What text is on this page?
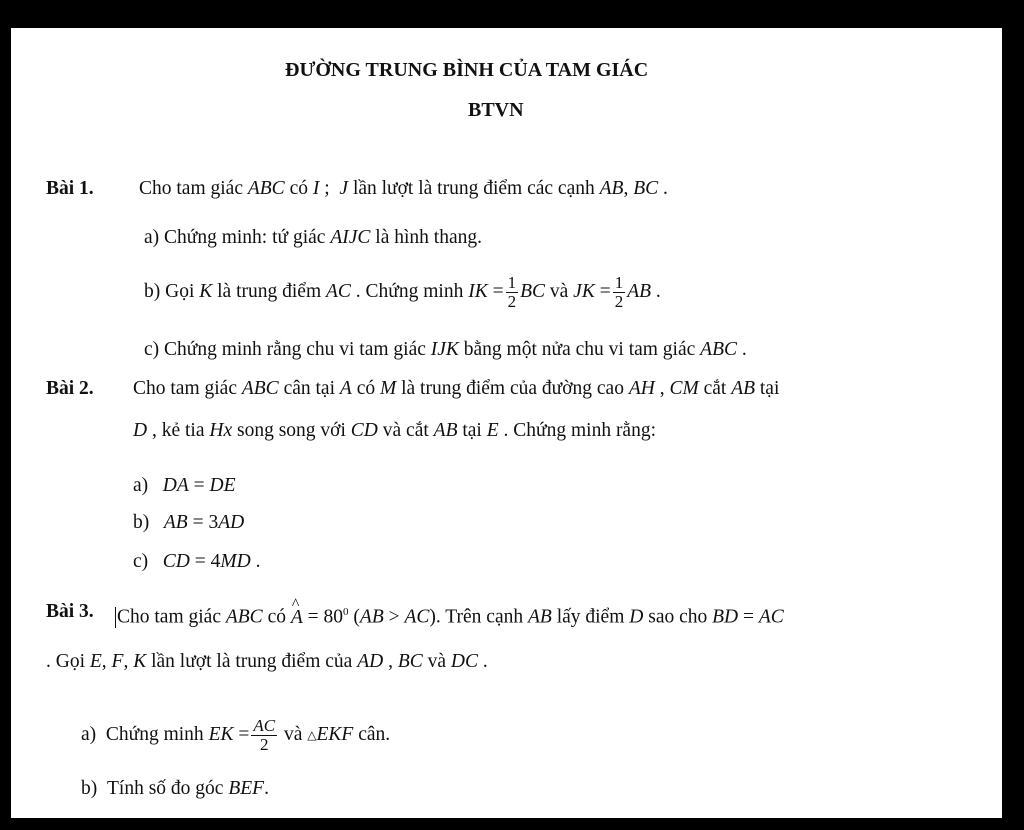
ĐƯỜNG TRUNG BÌNH CỦA TAM GIÁC
BTVN
Bài 1. Cho tam giác ABC có I ;  J lần lượt là trung điểm các cạnh AB, BC .
a) Chứng minh: tứ giác AIJC là hình thang.
b) Gọi K là trung điểm AC . Chứng minh IK = $\frac{1}{2}$ BC và JK = $\frac{1}{2}$ AB .
c) Chứng minh rằng chu vi tam giác IJK bằng một nửa chu vi tam giác ABC .
Bài 2. Cho tam giác ABC cân tại A có M là trung điểm của đường cao AH , CM cắt AB tại
D , kẻ tia Hx song song với CD và cắt AB tại E . Chứng minh rằng:
a)   DA = DE
b)   AB = 3AD
c)   CD = 4MD .
Bài 3. Cho tam giác ABC có ^ $A = 80^0$ (AB > AC). Trên cạnh AB lấy điểm D sao cho BD = AC
. Gọi E, F, K lần lượt là trung điểm của AD , BC và DC .
a)  Chứng minh EK = $\frac{AC}{2}$ và △EKF cân.
b)  Tính số đo góc BEF.
